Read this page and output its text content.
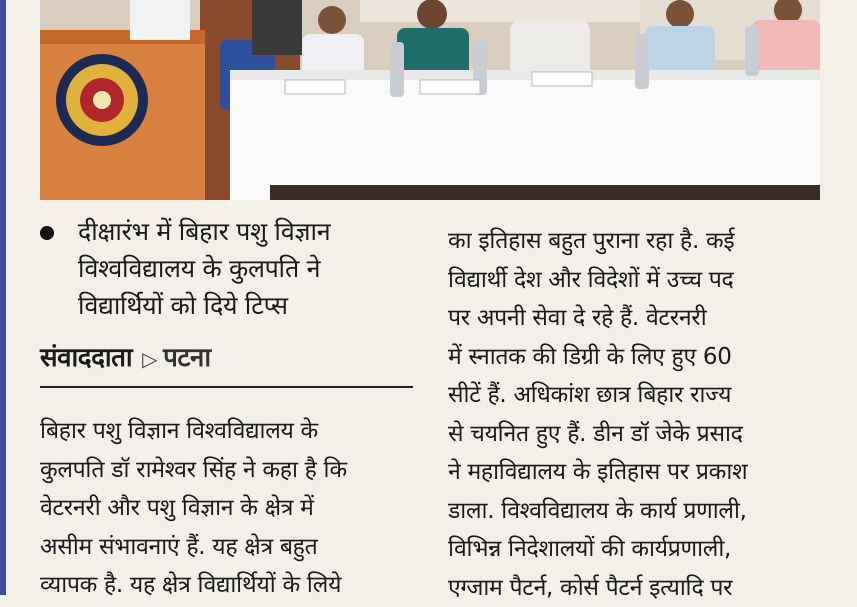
दीक्षारंभ में बिहार पशु विज्ञान
विश्वविद्यालय के कुलपति ने
विद्यार्थियों को दिये टिप्स
संवाददाता ▷ पटना
बिहार पशु विज्ञान विश्वविद्यालय के
कुलपति डॉ रामेश्वर सिंह ने कहा है कि
वेटरनरी और पशु विज्ञान के क्षेत्र में
असीम संभावनाएं हैं. यह क्षेत्र बहुत
व्यापक है. यह क्षेत्र विद्यार्थियों के लिये
का इतिहास बहुत पुराना रहा है. कई
विद्यार्थी देश और विदेशों में उच्च पद
पर अपनी सेवा दे रहे हैं. वेटरनरी
में स्नातक की डिग्री के लिए हुए 60
सीटें हैं. अधिकांश छात्र बिहार राज्य
से चयनित हुए हैं. डीन डॉ जेके प्रसाद
ने महाविद्यालय के इतिहास पर प्रकाश
डाला. विश्वविद्यालय के कार्य प्रणाली,
विभिन्न निदेशालयों की कार्यप्रणाली,
एग्जाम पैटर्न, कोर्स पैटर्न इत्यादि पर
